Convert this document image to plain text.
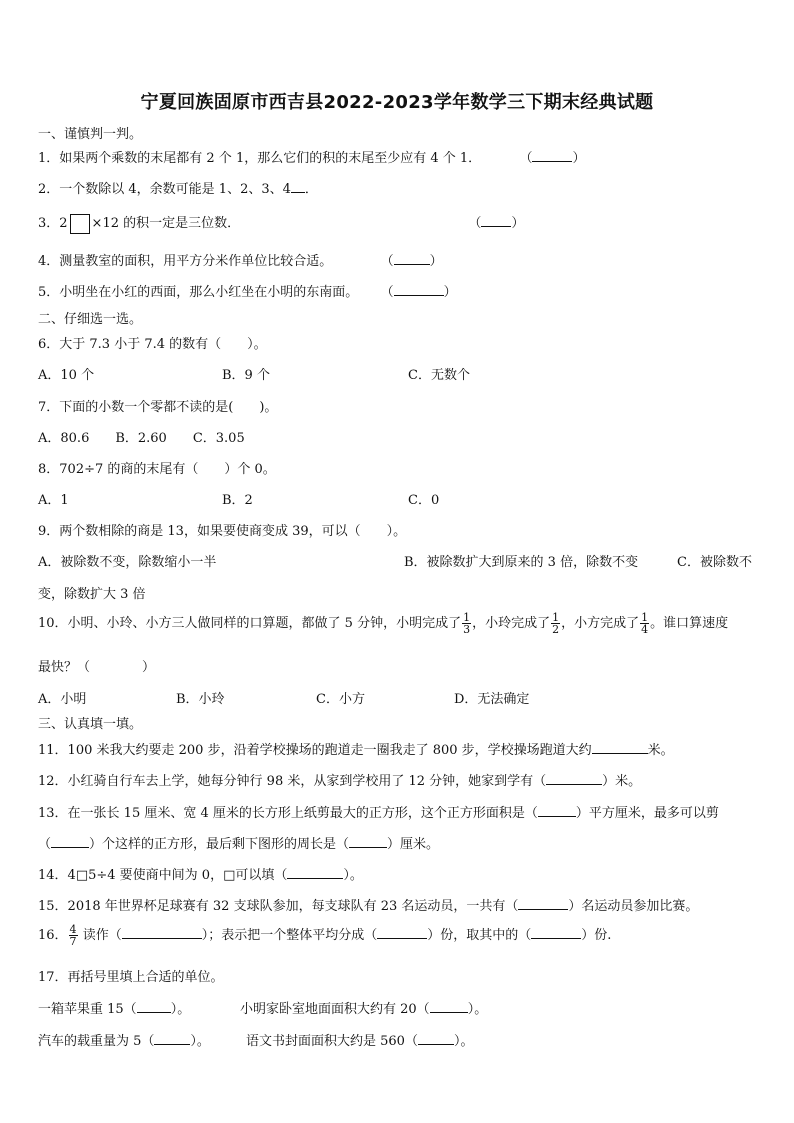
宁夏回族固原市西吉县2022-2023学年数学三下期末经典试题
一、谨慎判一判。
1．如果两个乘数的末尾都有 2 个 1，那么它们的积的末尾至少应有 4 个 1．	（	）
2．一个数除以 4，余数可能是 1、2、3、4 ．
3．2 ×12 的积一定是三位数．	（ ）
4．测量教室的面积，用平方分米作单位比较合适。	（	）
5．小明坐在小红的西面，那么小红坐在小明的东南面。 （	）
二、仔细选一选。
6．大于 7.3 小于 7.4 的数有（　　）。
A．10 个	B．9 个	C．无数个
7．下面的小数一个零都不读的是(　　)。
A．80.6　　B．2.60　　C．3.05
8．702÷7 的商的末尾有（　　）个 0。
A．1	B．2	C．0
9．两个数相除的商是 13，如果要使商变成 39，可以（　　）。
A．被除数不变，除数缩小一半	B．被除数扩大到原来的 3 倍，除数不变	C．被除数不
变，除数扩大 3 倍
10．小明、小玲、小方三人做同样的口算题，都做了 5 分钟，小明完成了 $\frac{1}{3}$ ，小玲完成了 $\frac{1}{2}$ ，小方完成了 $\frac{1}{4}$ 。谁口算速度
最快？（　　　　）
A．小明	B．小玲	C．小方	D．无法确定
三、认真填一填。
11．100 米我大约要走 200 步，沿着学校操场的跑道走一圈我走了 800 步，学校操场跑道大约	米。
12．小红骑自行车去上学，她每分钟行 98 米，从家到学校用了 12 分钟，她家到学有（	）米。
13．在一张长 15 厘米、宽 4 厘米的长方形上纸剪最大的正方形，这个正方形面积是（	）平方厘米，最多可以剪
（	）个这样的正方形，最后剩下图形的周长是（	）厘米。
14．4□5÷4 要使商中间为 0，□可以填（	）。
15．2018 年世界杯足球赛有 32 支球队参加，每支球队有 23 名运动员，一共有（	）名运动员参加比赛。
16． $\frac{4}{7}$ 读作（	）；表示把一个整体平均分成（	）份，取其中的（	）份.
17．再括号里填上合适的单位。
一箱苹果重 15（	）。	小明家卧室地面面积大约有 20（	）。
汽车的载重量为 5（	）。	语文书封面面积大约是 560（	）。
